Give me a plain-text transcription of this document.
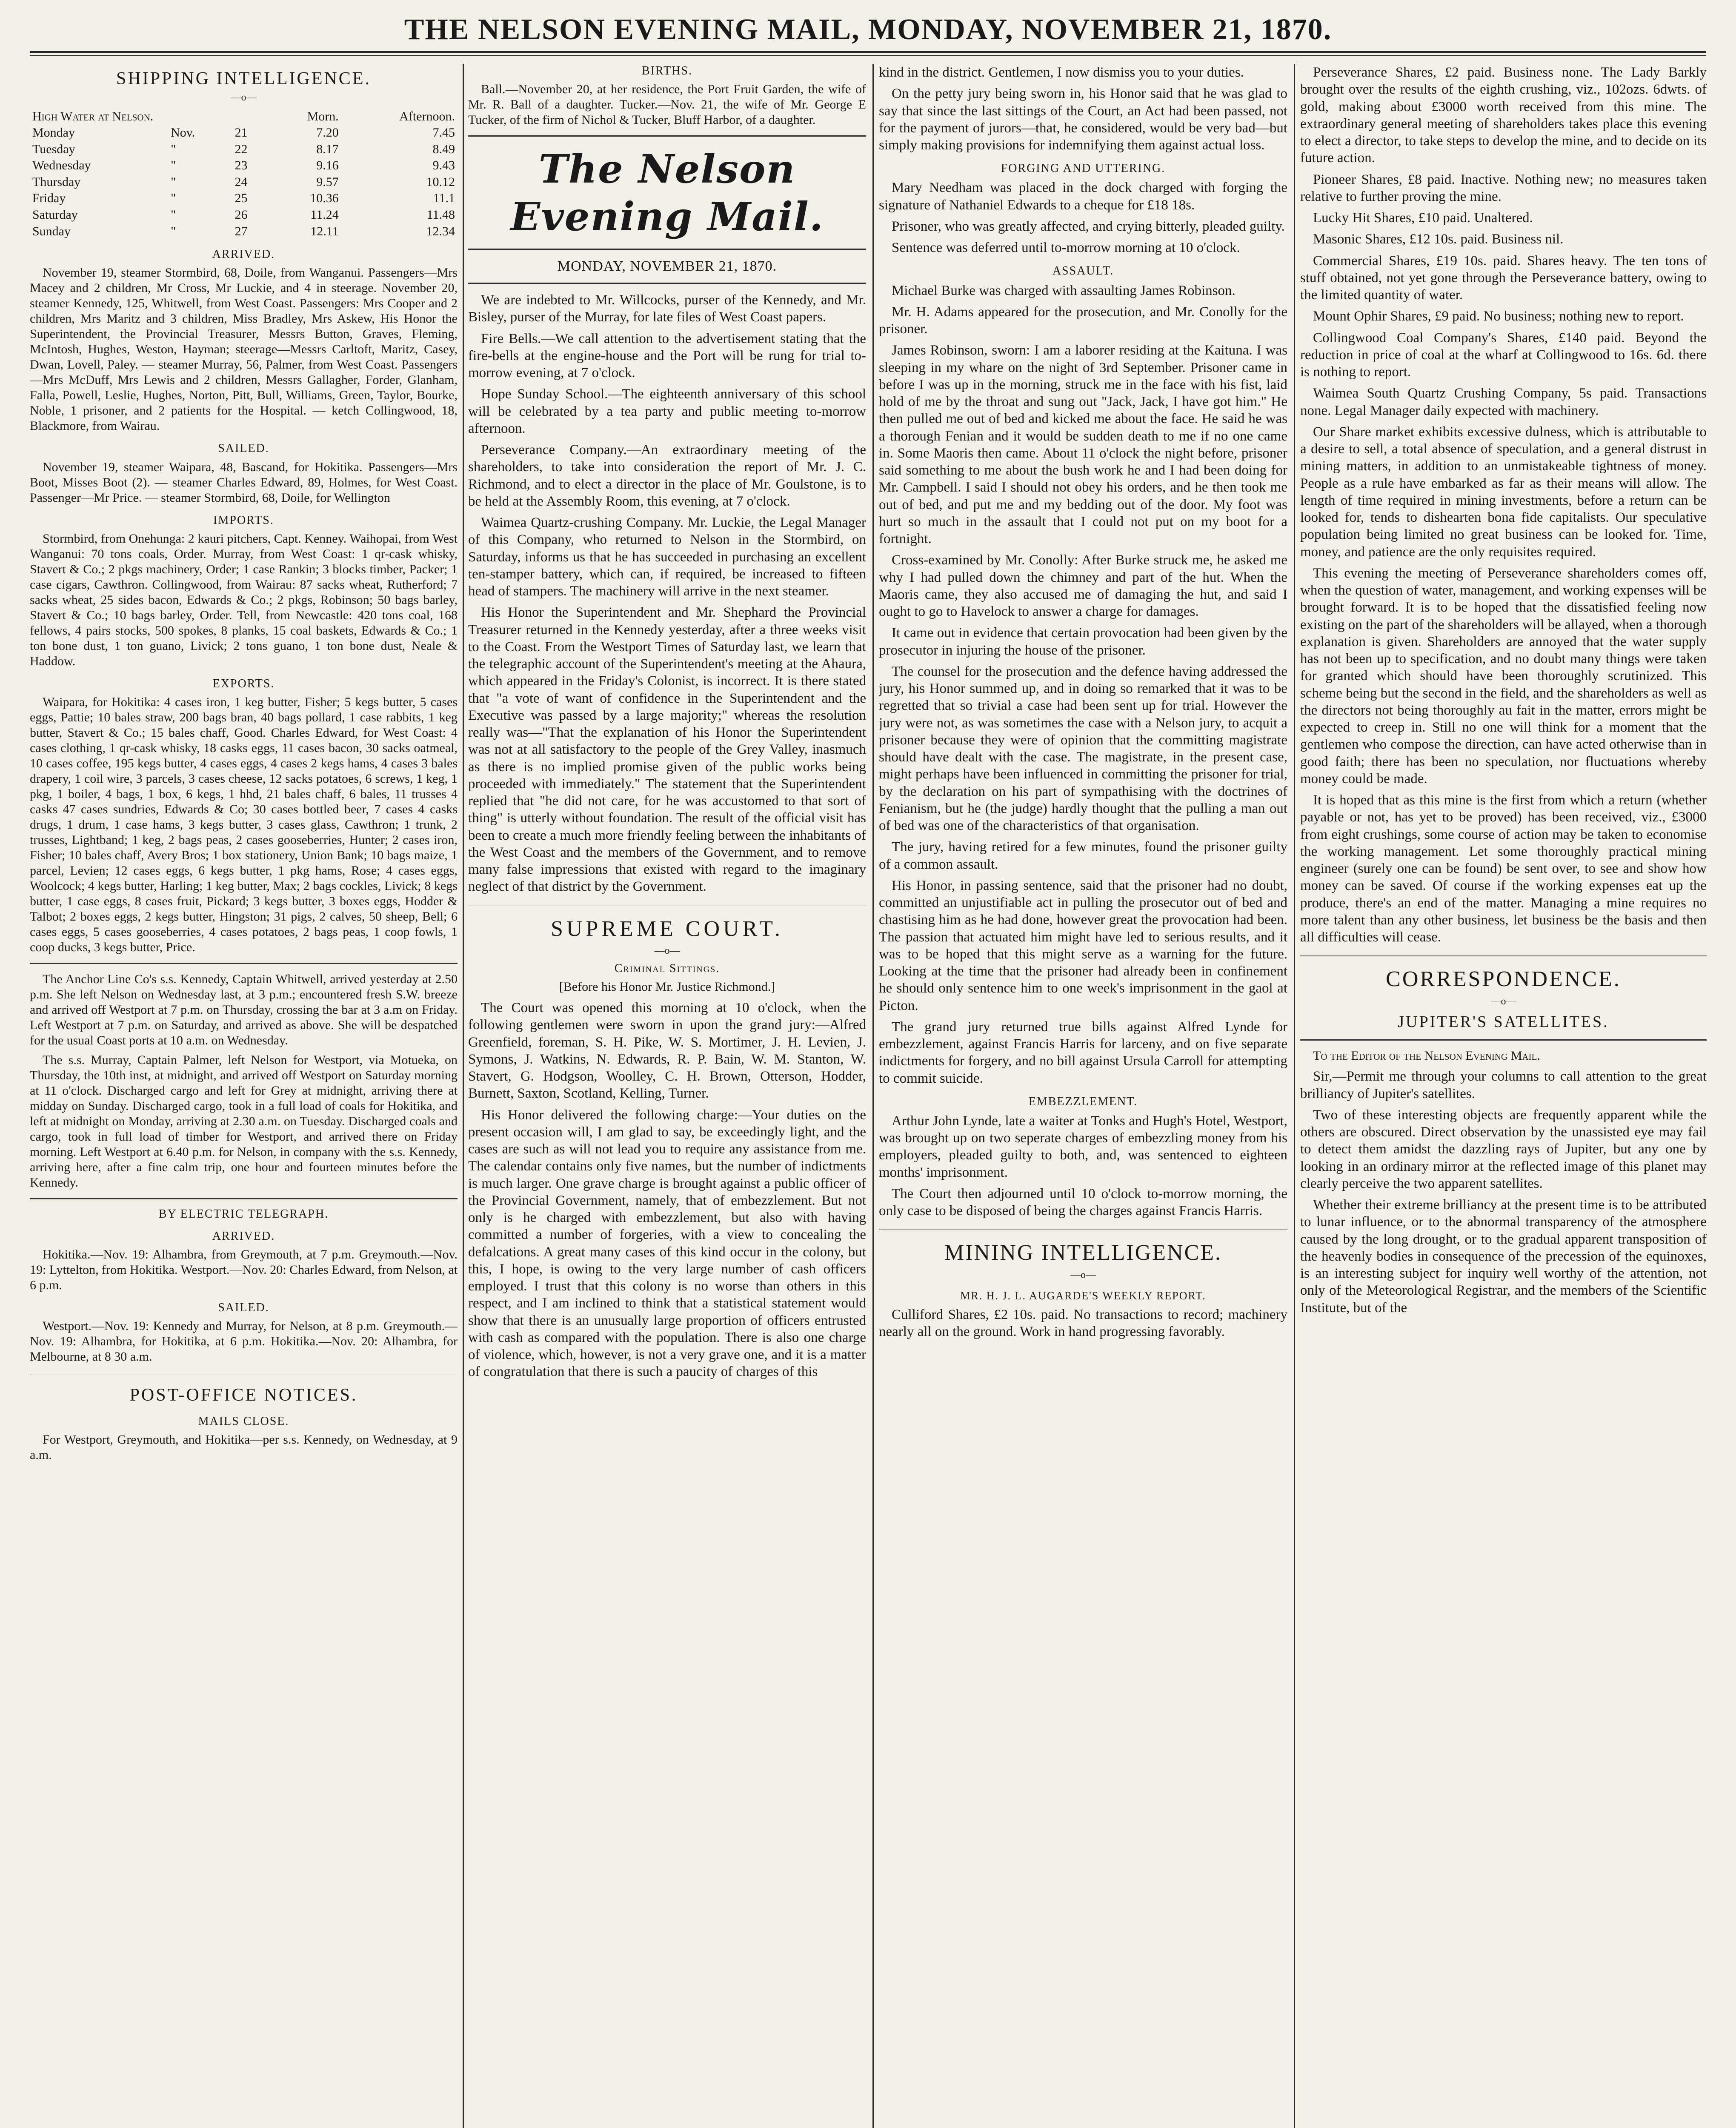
THE NELSON EVENING MAIL, MONDAY, NOVEMBER 21, 1870.
SHIPPING INTELLIGENCE.
—o—
High Water at Nelson.			Morn.	Afternoon.
Monday	Nov.	21	7.20	7.45
Tuesday	"	22	8.17	8.49
Wednesday	"	23	9.16	9.43
Thursday	"	24	9.57	10.12
Friday	"	25	10.36	11.1
Saturday	"	26	11.24	11.48
Sunday	"	27	12.11	12.34
ARRIVED.

November 19, steamer Stormbird, 68, Doile, from Wanganui. Passengers—Mrs Macey and 2 children, Mr Cross, Mr Luckie, and 4 in steerage. November 20, steamer Kennedy, 125, Whitwell, from West Coast. Passengers: Mrs Cooper and 2 children, Mrs Maritz and 3 children, Miss Bradley, Mrs Askew, His Honor the Superintendent, the Provincial Treasurer, Messrs Button, Graves, Fleming, McIntosh, Hughes, Weston, Hayman; steerage—Messrs Carltoft, Maritz, Casey, Dwan, Lovell, Paley. — steamer Murray, 56, Palmer, from West Coast. Passengers—Mrs McDuff, Mrs Lewis and 2 children, Messrs Gallagher, Forder, Glanham, Falla, Powell, Leslie, Hughes, Norton, Pitt, Bull, Williams, Green, Taylor, Bourke, Noble, 1 prisoner, and 2 patients for the Hospital. — ketch Collingwood, 18, Blackmore, from Wairau.

SAILED.

November 19, steamer Waipara, 48, Bascand, for Hokitika. Passengers—Mrs Boot, Misses Boot (2). — steamer Charles Edward, 89, Holmes, for West Coast. Passenger—Mr Price. — steamer Stormbird, 68, Doile, for Wellington

IMPORTS.

Stormbird, from Onehunga: 2 kauri pitchers, Capt. Kenney. Waihopai, from West Wanganui: 70 tons coals, Order. Murray, from West Coast: 1 qr-cask whisky, Stavert & Co.; 2 pkgs machinery, Order; 1 case Rankin; 3 blocks timber, Packer; 1 case cigars, Cawthron. Collingwood, from Wairau: 87 sacks wheat, Rutherford; 7 sacks wheat, 25 sides bacon, Edwards & Co.; 2 pkgs, Robinson; 50 bags barley, Stavert & Co.; 10 bags barley, Order. Tell, from Newcastle: 420 tons coal, 168 fellows, 4 pairs stocks, 500 spokes, 8 planks, 15 coal baskets, Edwards & Co.; 1 ton bone dust, 1 ton guano, Livick; 2 tons guano, 1 ton bone dust, Neale & Haddow.

EXPORTS.

Waipara, for Hokitika: 4 cases iron, 1 keg butter, Fisher; 5 kegs butter, 5 cases eggs, Pattie; 10 bales straw, 200 bags bran, 40 bags pollard, 1 case rabbits, 1 keg butter, Stavert & Co.; 15 bales chaff, Good. Charles Edward, for West Coast: 4 cases clothing, 1 qr-cask whisky, 18 casks eggs, 11 cases bacon, 30 sacks oatmeal, 10 cases coffee, 195 kegs butter, 4 cases eggs, 4 cases 2 kegs hams, 4 cases 3 bales drapery, 1 coil wire, 3 parcels, 3 cases cheese, 12 sacks potatoes, 6 screws, 1 keg, 1 pkg, 1 boiler, 4 bags, 1 box, 6 kegs, 1 hhd, 21 bales chaff, 6 bales, 11 trusses 4 casks 47 cases sundries, Edwards & Co; 30 cases bottled beer, 7 cases 4 casks drugs, 1 drum, 1 case hams, 3 kegs butter, 3 cases glass, Cawthron; 1 trunk, 2 trusses, Lightband; 1 keg, 2 bags peas, 2 cases gooseberries, Hunter; 2 cases iron, Fisher; 10 bales chaff, Avery Bros; 1 box stationery, Union Bank; 10 bags maize, 1 parcel, Levien; 12 cases eggs, 6 kegs butter, 1 pkg hams, Rose; 4 cases eggs, Woolcock; 4 kegs butter, Harling; 1 keg butter, Max; 2 bags cockles, Livick; 8 kegs butter, 1 case eggs, 8 cases fruit, Pickard; 3 kegs butter, 3 boxes eggs, Hodder & Talbot; 2 boxes eggs, 2 kegs butter, Hingston; 31 pigs, 2 calves, 50 sheep, Bell; 6 cases eggs, 5 cases gooseberries, 4 cases potatoes, 2 bags peas, 1 coop fowls, 1 coop ducks, 3 kegs butter, Price.

The Anchor Line Co's s.s. Kennedy, Captain Whitwell, arrived yesterday at 2.50 p.m. She left Nelson on Wednesday last, at 3 p.m.; encountered fresh S.W. breeze and arrived off Westport at 7 p.m. on Thursday, crossing the bar at 3 a.m on Friday. Left Westport at 7 p.m. on Saturday, and arrived as above. She will be despatched for the usual Coast ports at 10 a.m. on Wednesday.

The s.s. Murray, Captain Palmer, left Nelson for Westport, via Motueka, on Thursday, the 10th inst, at midnight, and arrived off Westport on Saturday morning at 11 o'clock. Discharged cargo and left for Grey at midnight, arriving there at midday on Sunday. Discharged cargo, took in a full load of coals for Hokitika, and left at midnight on Monday, arriving at 2.30 a.m. on Tuesday. Discharged coals and cargo, took in full load of timber for Westport, and arrived there on Friday morning. Left Westport at 6.40 p.m. for Nelson, in company with the s.s. Kennedy, arriving here, after a fine calm trip, one hour and fourteen minutes before the Kennedy.

BY ELECTRIC TELEGRAPH.
ARRIVED.

Hokitika.—Nov. 19: Alhambra, from Greymouth, at 7 p.m. Greymouth.—Nov. 19: Lyttelton, from Hokitika. Westport.—Nov. 20: Charles Edward, from Nelson, at 6 p.m.

SAILED.

Westport.—Nov. 19: Kennedy and Murray, for Nelson, at 8 p.m. Greymouth.—Nov. 19: Alhambra, for Hokitika, at 6 p.m. Hokitika.—Nov. 20: Alhambra, for Melbourne, at 8 30 a.m.

POST-OFFICE NOTICES.
MAILS CLOSE.

For Westport, Greymouth, and Hokitika—per s.s. Kennedy, on Wednesday, at 9 a.m.

BIRTHS.

Ball.—November 20, at her residence, the Port Fruit Garden, the wife of Mr. R. Ball of a daughter. Tucker.—Nov. 21, the wife of Mr. George E Tucker, of the firm of Nichol & Tucker, Bluff Harbor, of a daughter.

The Nelson Evening Mail.
MONDAY, NOVEMBER 21, 1870.

We are indebted to Mr. Willcocks, purser of the Kennedy, and Mr. Bisley, purser of the Murray, for late files of West Coast papers.

Fire Bells.—We call attention to the advertisement stating that the fire-bells at the engine-house and the Port will be rung for trial to-morrow evening, at 7 o'clock.

Hope Sunday School.—The eighteenth anniversary of this school will be celebrated by a tea party and public meeting to-morrow afternoon.

Perseverance Company.—An extraordinary meeting of the shareholders, to take into consideration the report of Mr. J. C. Richmond, and to elect a director in the place of Mr. Goulstone, is to be held at the Assembly Room, this evening, at 7 o'clock.

Waimea Quartz-crushing Company. Mr. Luckie, the Legal Manager of this Company, who returned to Nelson in the Stormbird, on Saturday, informs us that he has succeeded in purchasing an excellent ten-stamper battery, which can, if required, be increased to fifteen head of stampers. The machinery will arrive in the next steamer.

His Honor the Superintendent and Mr. Shephard the Provincial Treasurer returned in the Kennedy yesterday, after a three weeks visit to the Coast. From the Westport Times of Saturday last, we learn that the telegraphic account of the Superintendent's meeting at the Ahaura, which appeared in the Friday's Colonist, is incorrect. It is there stated that "a vote of want of confidence in the Superintendent and the Executive was passed by a large majority;" whereas the resolution really was—"That the explanation of his Honor the Superintendent was not at all satisfactory to the people of the Grey Valley, inasmuch as there is no implied promise given of the public works being proceeded with immediately." The statement that the Superintendent replied that "he did not care, for he was accustomed to that sort of thing" is utterly without foundation. The result of the official visit has been to create a much more friendly feeling between the inhabitants of the West Coast and the members of the Government, and to remove many false impressions that existed with regard to the imaginary neglect of that district by the Government.

SUPREME COURT.
—o—
Criminal Sittings.
[Before his Honor Mr. Justice Richmond.]

The Court was opened this morning at 10 o'clock, when the following gentlemen were sworn in upon the grand jury:—Alfred Greenfield, foreman, S. H. Pike, W. S. Mortimer, J. H. Levien, J. Symons, J. Watkins, N. Edwards, R. P. Bain, W. M. Stanton, W. Stavert, G. Hodgson, Woolley, C. H. Brown, Otterson, Hodder, Burnett, Saxton, Scotland, Kelling, Turner.

His Honor delivered the following charge:—Your duties on the present occasion will, I am glad to say, be exceedingly light, and the cases are such as will not lead you to require any assistance from me. The calendar contains only five names, but the number of indictments is much larger. One grave charge is brought against a public officer of the Provincial Government, namely, that of embezzlement. But not only is he charged with embezzlement, but also with having committed a number of forgeries, with a view to concealing the defalcations. A great many cases of this kind occur in the colony, but this, I hope, is owing to the very large number of cash officers employed. I trust that this colony is no worse than others in this respect, and I am inclined to think that a statistical statement would show that there is an unusually large proportion of officers entrusted with cash as compared with the population. There is also one charge of violence, which, however, is not a very grave one, and it is a matter of congratulation that there is such a paucity of charges of this

kind in the district. Gentlemen, I now dismiss you to your duties.

On the petty jury being sworn in, his Honor said that he was glad to say that since the last sittings of the Court, an Act had been passed, not for the payment of jurors—that, he considered, would be very bad—but simply making provisions for indemnifying them against actual loss.

FORGING AND UTTERING.

Mary Needham was placed in the dock charged with forging the signature of Nathaniel Edwards to a cheque for £18 18s.

Prisoner, who was greatly affected, and crying bitterly, pleaded guilty.

Sentence was deferred until to-morrow morning at 10 o'clock.

ASSAULT.

Michael Burke was charged with assaulting James Robinson.

Mr. H. Adams appeared for the prosecution, and Mr. Conolly for the prisoner.

James Robinson, sworn: I am a laborer residing at the Kaituna. I was sleeping in my whare on the night of 3rd September. Prisoner came in before I was up in the morning, struck me in the face with his fist, laid hold of me by the throat and sung out "Jack, Jack, I have got him." He then pulled me out of bed and kicked me about the face. He said he was a thorough Fenian and it would be sudden death to me if no one came in. Some Maoris then came. About 11 o'clock the night before, prisoner said something to me about the bush work he and I had been doing for Mr. Campbell. I said I should not obey his orders, and he then took me out of bed, and put me and my bedding out of the door. My foot was hurt so much in the assault that I could not put on my boot for a fortnight.

Cross-examined by Mr. Conolly: After Burke struck me, he asked me why I had pulled down the chimney and part of the hut. When the Maoris came, they also accused me of damaging the hut, and said I ought to go to Havelock to answer a charge for damages.

It came out in evidence that certain provocation had been given by the prosecutor in injuring the house of the prisoner.

The counsel for the prosecution and the defence having addressed the jury, his Honor summed up, and in doing so remarked that it was to be regretted that so trivial a case had been sent up for trial. However the jury were not, as was sometimes the case with a Nelson jury, to acquit a prisoner because they were of opinion that the committing magistrate should have dealt with the case. The magistrate, in the present case, might perhaps have been influenced in committing the prisoner for trial, by the declaration on his part of sympathising with the doctrines of Fenianism, but he (the judge) hardly thought that the pulling a man out of bed was one of the characteristics of that organisation.

The jury, having retired for a few minutes, found the prisoner guilty of a common assault.

His Honor, in passing sentence, said that the prisoner had no doubt, committed an unjustifiable act in pulling the prosecutor out of bed and chastising him as he had done, however great the provocation had been. The passion that actuated him might have led to serious results, and it was to be hoped that this might serve as a warning for the future. Looking at the time that the prisoner had already been in confinement he should only sentence him to one week's imprisonment in the gaol at Picton.

The grand jury returned true bills against Alfred Lynde for embezzlement, against Francis Harris for larceny, and on five separate indictments for forgery, and no bill against Ursula Carroll for attempting to commit suicide.

EMBEZZLEMENT.

Arthur John Lynde, late a waiter at Tonks and Hugh's Hotel, Westport, was brought up on two seperate charges of embezzling money from his employers, pleaded guilty to both, and, was sentenced to eighteen months' imprisonment.

The Court then adjourned until 10 o'clock to-morrow morning, the only case to be disposed of being the charges against Francis Harris.

MINING INTELLIGENCE.
—o—
MR. H. J. L. AUGARDE'S WEEKLY REPORT.

Culliford Shares, £2 10s. paid. No transactions to record; machinery nearly all on the ground. Work in hand progressing favorably.

Perseverance Shares, £2 paid. Business none. The Lady Barkly brought over the results of the eighth crushing, viz., 102ozs. 6dwts. of gold, making about £3000 worth received from this mine. The extraordinary general meeting of shareholders takes place this evening to elect a director, to take steps to develop the mine, and to decide on its future action.

Pioneer Shares, £8 paid. Inactive. Nothing new; no measures taken relative to further proving the mine.

Lucky Hit Shares, £10 paid. Unaltered.

Masonic Shares, £12 10s. paid. Business nil.

Commercial Shares, £19 10s. paid. Shares heavy. The ten tons of stuff obtained, not yet gone through the Perseverance battery, owing to the limited quantity of water.

Mount Ophir Shares, £9 paid. No business; nothing new to report.

Collingwood Coal Company's Shares, £140 paid. Beyond the reduction in price of coal at the wharf at Collingwood to 16s. 6d. there is nothing to report.

Waimea South Quartz Crushing Company, 5s paid. Transactions none. Legal Manager daily expected with machinery.

Our Share market exhibits excessive dulness, which is attributable to a desire to sell, a total absence of speculation, and a general distrust in mining matters, in addition to an unmistakeable tightness of money. People as a rule have embarked as far as their means will allow. The length of time required in mining investments, before a return can be looked for, tends to dishearten bona fide capitalists. Our speculative population being limited no great business can be looked for. Time, money, and patience are the only requisites required.

This evening the meeting of Perseverance shareholders comes off, when the question of water, management, and working expenses will be brought forward. It is to be hoped that the dissatisfied feeling now existing on the part of the shareholders will be allayed, when a thorough explanation is given. Shareholders are annoyed that the water supply has not been up to specification, and no doubt many things were taken for granted which should have been thoroughly scrutinized. This scheme being but the second in the field, and the shareholders as well as the directors not being thoroughly au fait in the matter, errors might be expected to creep in. Still no one will think for a moment that the gentlemen who compose the direction, can have acted otherwise than in good faith; there has been no speculation, nor fluctuations whereby money could be made.

It is hoped that as this mine is the first from which a return (whether payable or not, has yet to be proved) has been received, viz., £3000 from eight crushings, some course of action may be taken to economise the working management. Let some thoroughly practical mining engineer (surely one can be found) be sent over, to see and show how money can be saved. Of course if the working expenses eat up the produce, there's an end of the matter. Managing a mine requires no more talent than any other business, let business be the basis and then all difficulties will cease.

CORRESPONDENCE.
—o—
JUPITER'S SATELLITES.

To the Editor of the Nelson Evening Mail.

Sir,—Permit me through your columns to call attention to the great brilliancy of Jupiter's satellites.

Two of these interesting objects are frequently apparent while the others are obscured. Direct observation by the unassisted eye may fail to detect them amidst the dazzling rays of Jupiter, but any one by looking in an ordinary mirror at the reflected image of this planet may clearly perceive the two apparent satellites.

Whether their extreme brilliancy at the present time is to be attributed to lunar influence, or to the abnormal transparency of the atmosphere caused by the long drought, or to the gradual apparent transposition of the heavenly bodies in consequence of the precession of the equinoxes, is an interesting subject for inquiry well worthy of the attention, not only of the Meteorological Registrar, and the members of the Scientific Institute, but of the
